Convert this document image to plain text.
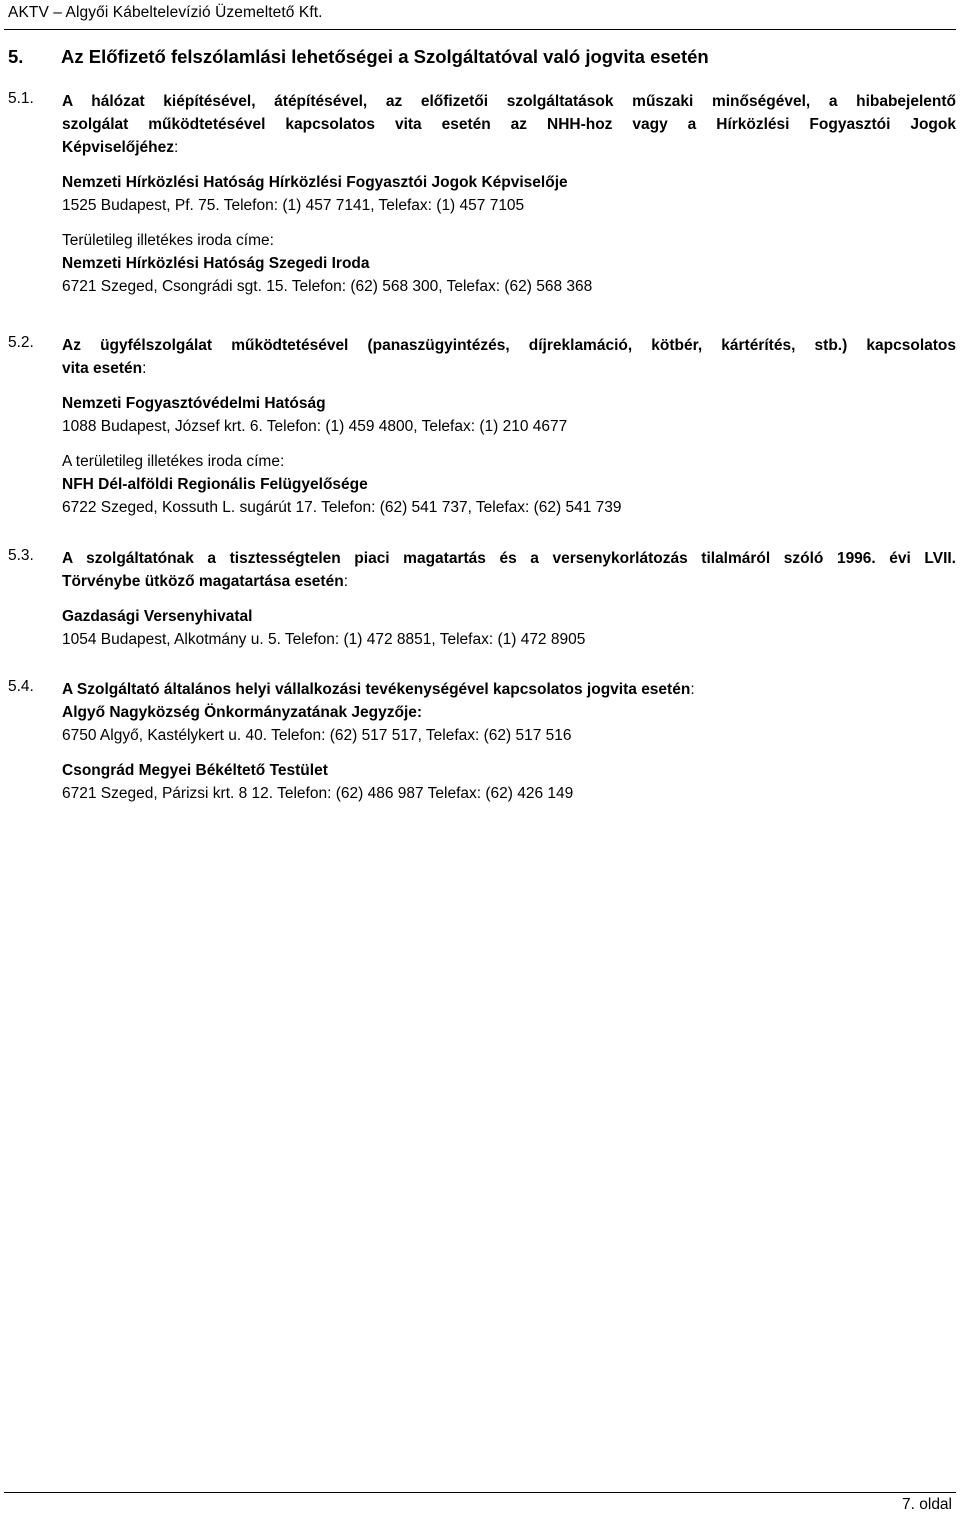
AKTV – Algyői Kábeltelevízió Üzemeltető Kft.
5. Az Előfizető felszólamlási lehetőségei a Szolgáltatóval való jogvita esetén
5.1. A hálózat kiépítésével, átépítésével, az előfizetői szolgáltatások műszaki minőségével, a hibabejelentő
szolgálat működtetésével kapcsolatos vita esetén az NHH-hoz vagy a Hírközlési Fogyasztói Jogok
Képviselőjéhez:
Nemzeti Hírközlési Hatóság Hírközlési Fogyasztói Jogok Képviselője
1525 Budapest, Pf. 75. Telefon: (1) 457 7141, Telefax: (1) 457 7105
Területileg illetékes iroda címe:
Nemzeti Hírközlési Hatóság Szegedi Iroda
6721 Szeged, Csongrádi sgt. 15. Telefon: (62) 568 300, Telefax: (62) 568 368
5.2. Az ügyfélszolgálat működtetésével (panaszügyintézés, díjreklamáció, kötbér, kártérítés, stb.) kapcsolatos
vita esetén:
Nemzeti Fogyasztóvédelmi Hatóság
1088 Budapest, József krt. 6. Telefon: (1) 459 4800, Telefax: (1) 210 4677
A területileg illetékes iroda címe:
NFH Dél-alföldi Regionális Felügyelősége
6722 Szeged, Kossuth L. sugárút 17. Telefon: (62) 541 737, Telefax: (62) 541 739
5.3. A szolgáltatónak a tisztességtelen piaci magatartás és a versenykorlátozás tilalmáról szóló 1996. évi LVII.
Törvénybe ütköző magatartása esetén:
Gazdasági Versenyhivatal
1054 Budapest, Alkotmány u. 5. Telefon: (1) 472 8851, Telefax: (1) 472 8905
5.4. A Szolgáltató általános helyi vállalkozási tevékenységével kapcsolatos jogvita esetén:
Algyő Nagyközség Önkormányzatának Jegyzője:
6750 Algyő, Kastélykert u. 40. Telefon: (62) 517 517, Telefax: (62) 517 516
Csongrád Megyei Békéltető Testület
6721 Szeged, Párizsi krt. 8 12. Telefon: (62) 486 987 Telefax: (62) 426 149
7. oldal
